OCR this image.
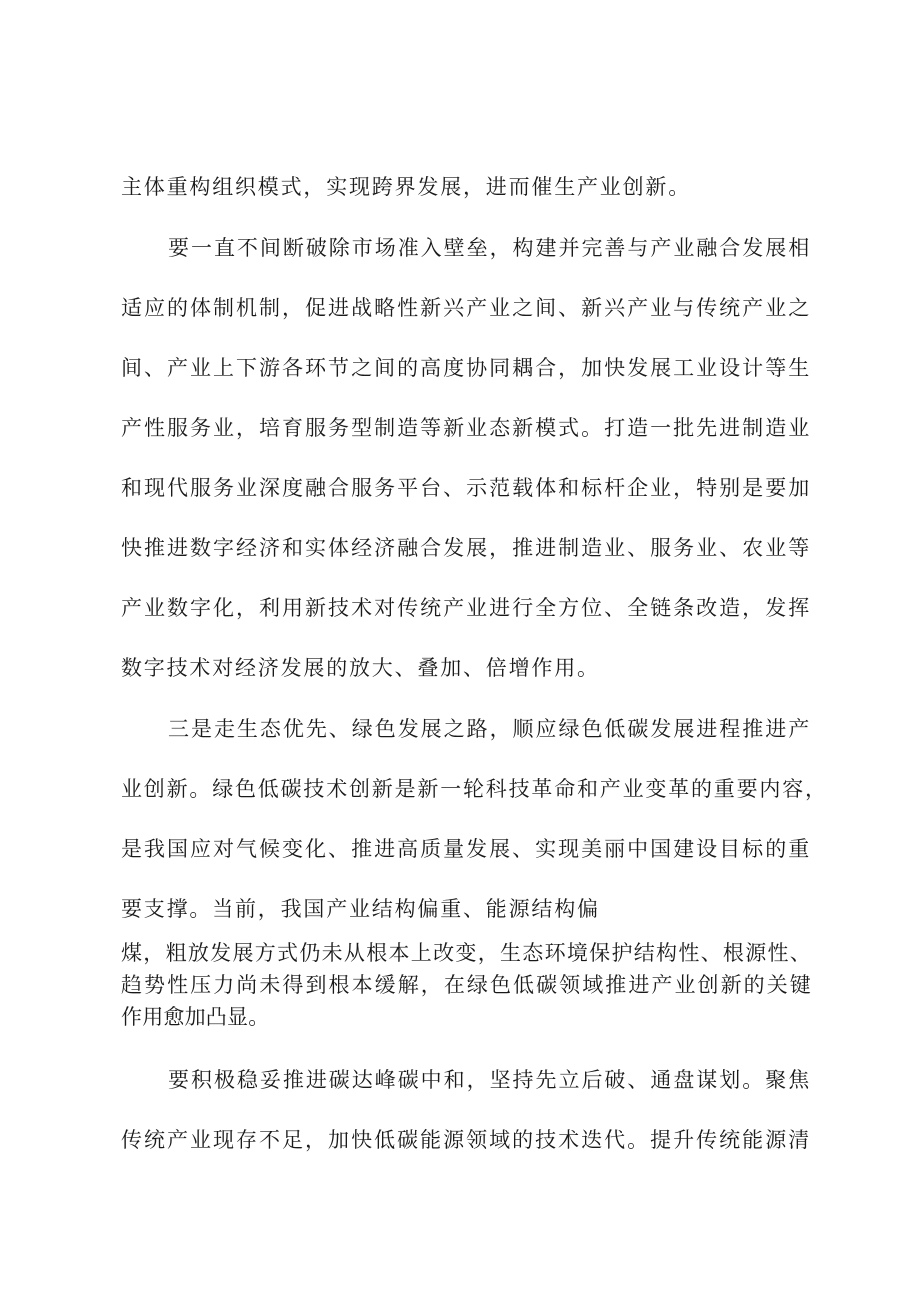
主体重构组织模式，实现跨界发展，进而催生产业创新。
要一直不间断破除市场准入壁垒，构建并完善与产业融合发展相
适应的体制机制，促进战略性新兴产业之间、新兴产业与传统产业之
间、产业上下游各环节之间的高度协同耦合，加快发展工业设计等生
产性服务业，培育服务型制造等新业态新模式。打造一批先进制造业
和现代服务业深度融合服务平台、示范载体和标杆企业，特别是要加
快推进数字经济和实体经济融合发展，推进制造业、服务业、农业等
产业数字化，利用新技术对传统产业进行全方位、全链条改造，发挥
数字技术对经济发展的放大、叠加、倍增作用。
三是走生态优先、绿色发展之路，顺应绿色低碳发展进程推进产
业创新。绿色低碳技术创新是新一轮科技革命和产业变革的重要内容，
是我国应对气候变化、推进高质量发展、实现美丽中国建设目标的重
要支撑。当前，我国产业结构偏重、能源结构偏
煤，粗放发展方式仍未从根本上改变，生态环境保护结构性、根源性、
趋势性压力尚未得到根本缓解，在绿色低碳领域推进产业创新的关键
作用愈加凸显。
要积极稳妥推进碳达峰碳中和，坚持先立后破、通盘谋划。聚焦
传统产业现存不足，加快低碳能源领域的技术迭代。提升传统能源清
